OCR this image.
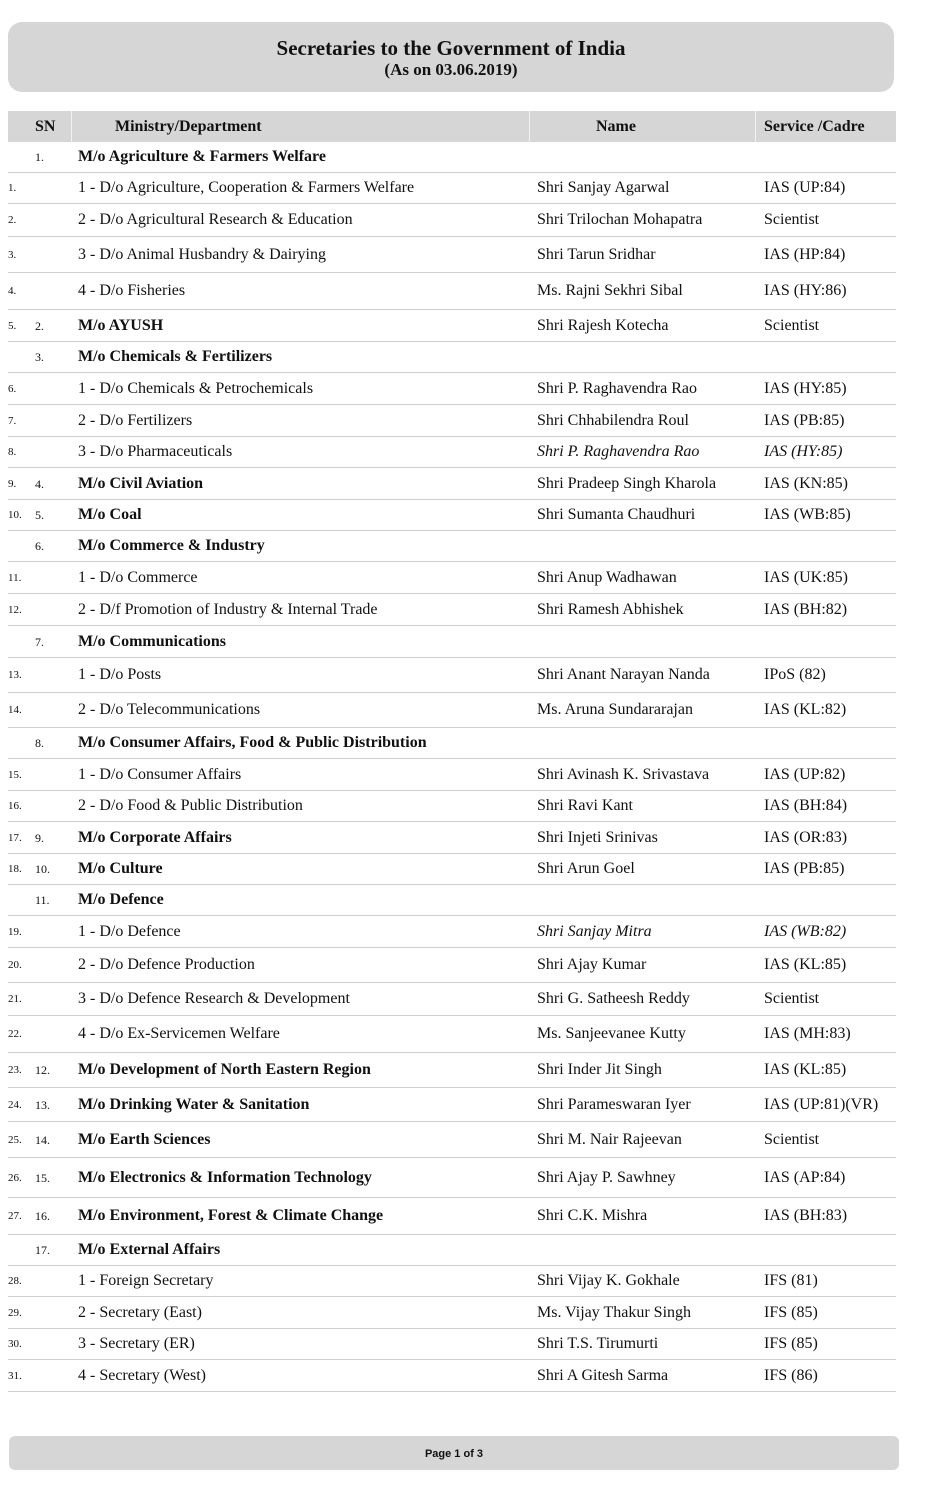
Secretaries to the Government of India
(As on 03.06.2019)
SN	Ministry/Department	Name	Service /Cadre
1. M/o Agriculture & Farmers Welfare
1.	1 - D/o Agriculture, Cooperation & Farmers Welfare	Shri Sanjay Agarwal	IAS (UP:84)
2.	2 - D/o Agricultural Research & Education	Shri Trilochan Mohapatra	Scientist
3.	3 - D/o Animal Husbandry & Dairying	Shri Tarun Sridhar	IAS (HP:84)
4.	4 - D/o Fisheries	Ms. Rajni Sekhri Sibal	IAS (HY:86)
5. 2. M/o AYUSH	Shri Rajesh Kotecha	Scientist
3. M/o Chemicals & Fertilizers
6.	1 - D/o Chemicals & Petrochemicals	Shri P. Raghavendra Rao	IAS (HY:85)
7.	2 - D/o Fertilizers	Shri Chhabilendra Roul	IAS (PB:85)
8.	3 - D/o Pharmaceuticals	Shri P. Raghavendra Rao	IAS (HY:85)
9. 4. M/o Civil Aviation	Shri Pradeep Singh Kharola	IAS (KN:85)
10. 5. M/o Coal	Shri Sumanta Chaudhuri	IAS (WB:85)
6. M/o Commerce & Industry
11.	1 - D/o Commerce	Shri Anup Wadhawan	IAS (UK:85)
12.	2 - D/f Promotion of Industry & Internal Trade	Shri Ramesh Abhishek	IAS (BH:82)
7. M/o Communications
13.	1 - D/o Posts	Shri Anant Narayan Nanda	IPoS (82)
14.	2 - D/o Telecommunications	Ms. Aruna Sundararajan	IAS (KL:82)
8. M/o Consumer Affairs, Food & Public Distribution
15.	1 - D/o Consumer Affairs	Shri Avinash K. Srivastava	IAS (UP:82)
16.	2 - D/o Food & Public Distribution	Shri Ravi Kant	IAS (BH:84)
17. 9. M/o Corporate Affairs	Shri Injeti Srinivas	IAS (OR:83)
18. 10. M/o Culture	Shri Arun Goel	IAS (PB:85)
11. M/o Defence
19.	1 - D/o Defence	Shri Sanjay Mitra	IAS (WB:82)
20.	2 - D/o Defence Production	Shri Ajay Kumar	IAS (KL:85)
21.	3 - D/o Defence Research & Development	Shri G. Satheesh Reddy	Scientist
22.	4 - D/o Ex-Servicemen Welfare	Ms. Sanjeevanee Kutty	IAS (MH:83)
23. 12. M/o Development of North Eastern Region	Shri Inder Jit Singh	IAS (KL:85)
24. 13. M/o Drinking Water & Sanitation	Shri Parameswaran Iyer	IAS (UP:81)(VR)
25. 14. M/o Earth Sciences	Shri M. Nair Rajeevan	Scientist
26. 15. M/o Electronics & Information Technology	Shri Ajay P. Sawhney	IAS (AP:84)
27. 16. M/o Environment, Forest & Climate Change	Shri C.K. Mishra	IAS (BH:83)
17. M/o External Affairs
28.	1 - Foreign Secretary	Shri Vijay K. Gokhale	IFS (81)
29.	2 - Secretary (East)	Ms. Vijay Thakur Singh	IFS (85)
30.	3 - Secretary (ER)	Shri T.S. Tirumurti	IFS (85)
31.	4 - Secretary (West)	Shri A Gitesh Sarma	IFS (86)
Page 1 of 3
